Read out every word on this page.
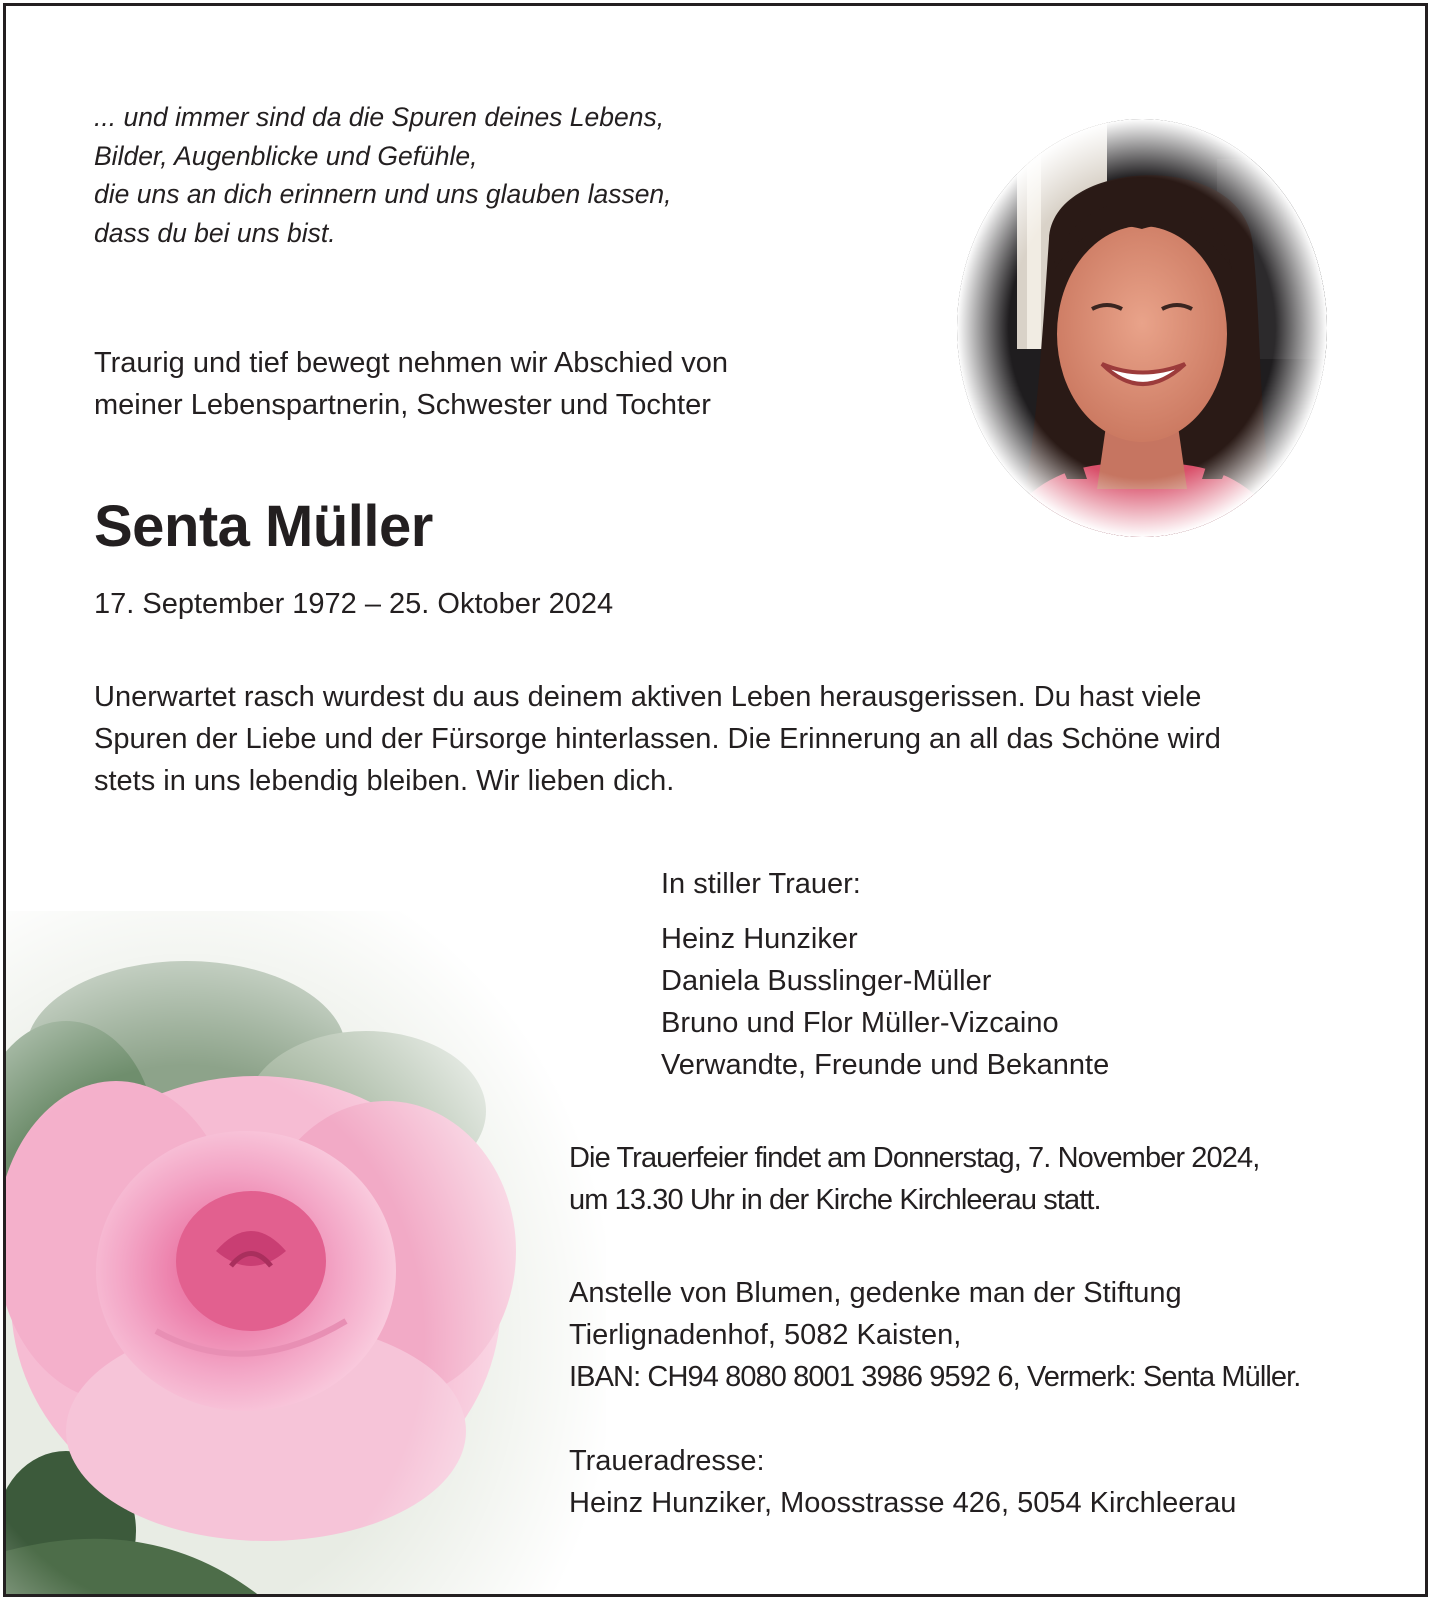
... und immer sind da die Spuren deines Lebens,
Bilder, Augenblicke und Gefühle,
die uns an dich erinnern und uns glauben lassen,
dass du bei uns bist.
Traurig und tief bewegt nehmen wir Abschied von
meiner Lebenspartnerin, Schwester und Tochter
Senta Müller
17. September 1972 – 25. Oktober 2024
Unerwartet rasch wurdest du aus deinem aktiven Leben herausgerissen. Du hast viele
Spuren der Liebe und der Fürsorge hinterlassen. Die Erinnerung an all das Schöne wird
stets in uns lebendig bleiben. Wir lieben dich.
In stiller Trauer:
Heinz Hunziker
Daniela Busslinger-Müller
Bruno und Flor Müller-Vizcaino
Verwandte, Freunde und Bekannte
Die Trauerfeier findet am Donnerstag, 7. November 2024,
um 13.30 Uhr in der Kirche Kirchleerau statt.
Anstelle von Blumen, gedenke man der Stiftung
Tierlignadenhof, 5082 Kaisten,
IBAN: CH94 8080 8001 3986 9592 6, Vermerk: Senta Müller.
Traueradresse:
Heinz Hunziker, Moosstrasse 426, 5054 Kirchleerau
